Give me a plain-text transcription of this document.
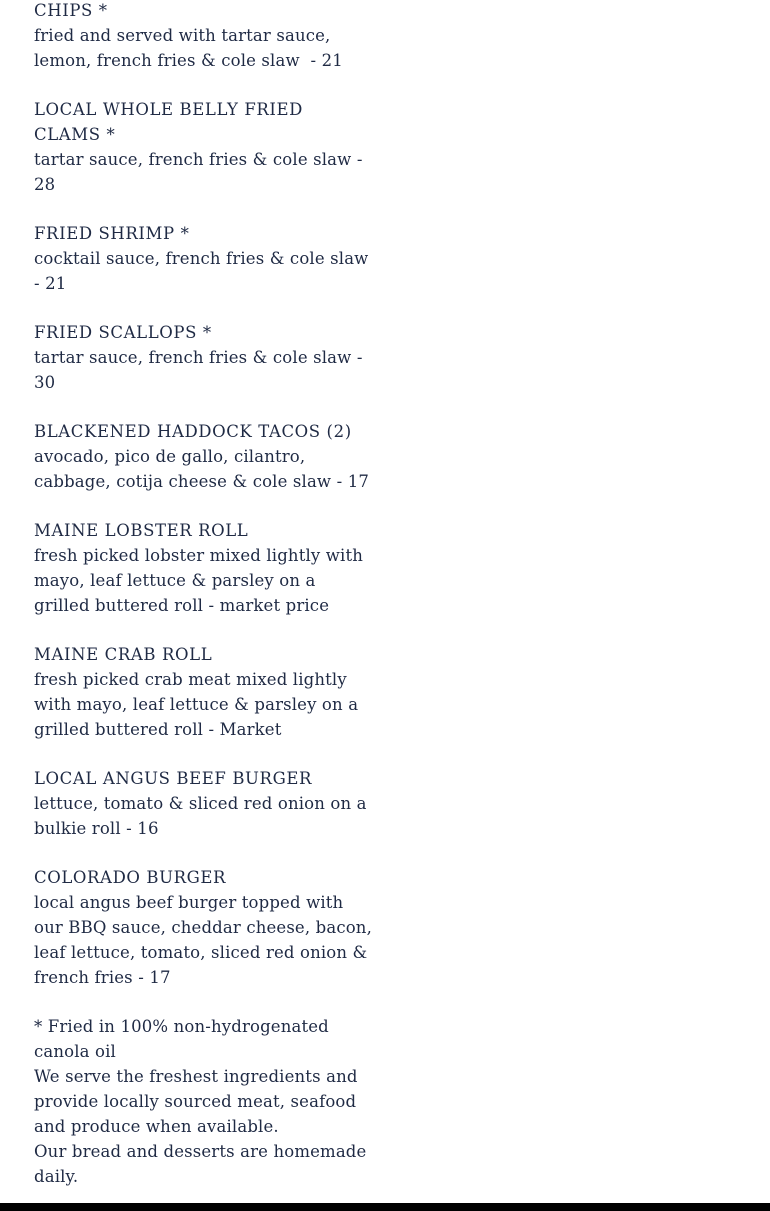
CHIPS *
fried and served with tartar sauce, lemon, french fries & cole slaw  - 21
LOCAL WHOLE BELLY FRIED CLAMS *
tartar sauce, french fries & cole slaw - 28
FRIED SHRIMP *
cocktail sauce, french fries & cole slaw - 21
FRIED SCALLOPS *
tartar sauce, french fries & cole slaw - 30
BLACKENED HADDOCK TACOS (2)
avocado, pico de gallo, cilantro, cabbage, cotija cheese & cole slaw - 17
MAINE LOBSTER ROLL
fresh picked lobster mixed lightly with mayo, leaf lettuce & parsley on a grilled buttered roll - market price
MAINE CRAB ROLL
fresh picked crab meat mixed lightly with mayo, leaf lettuce & parsley on a grilled buttered roll - Market
LOCAL ANGUS BEEF BURGER
lettuce, tomato & sliced red onion on a bulkie roll - 16
COLORADO BURGER
local angus beef burger topped with our BBQ sauce, cheddar cheese, bacon, leaf lettuce, tomato, sliced red onion & french fries - 17

* Fried in 100% non-hydrogenated canola oil

We serve the freshest ingredients and provide locally sourced meat, seafood and produce when available.

Our bread and desserts are homemade daily.
